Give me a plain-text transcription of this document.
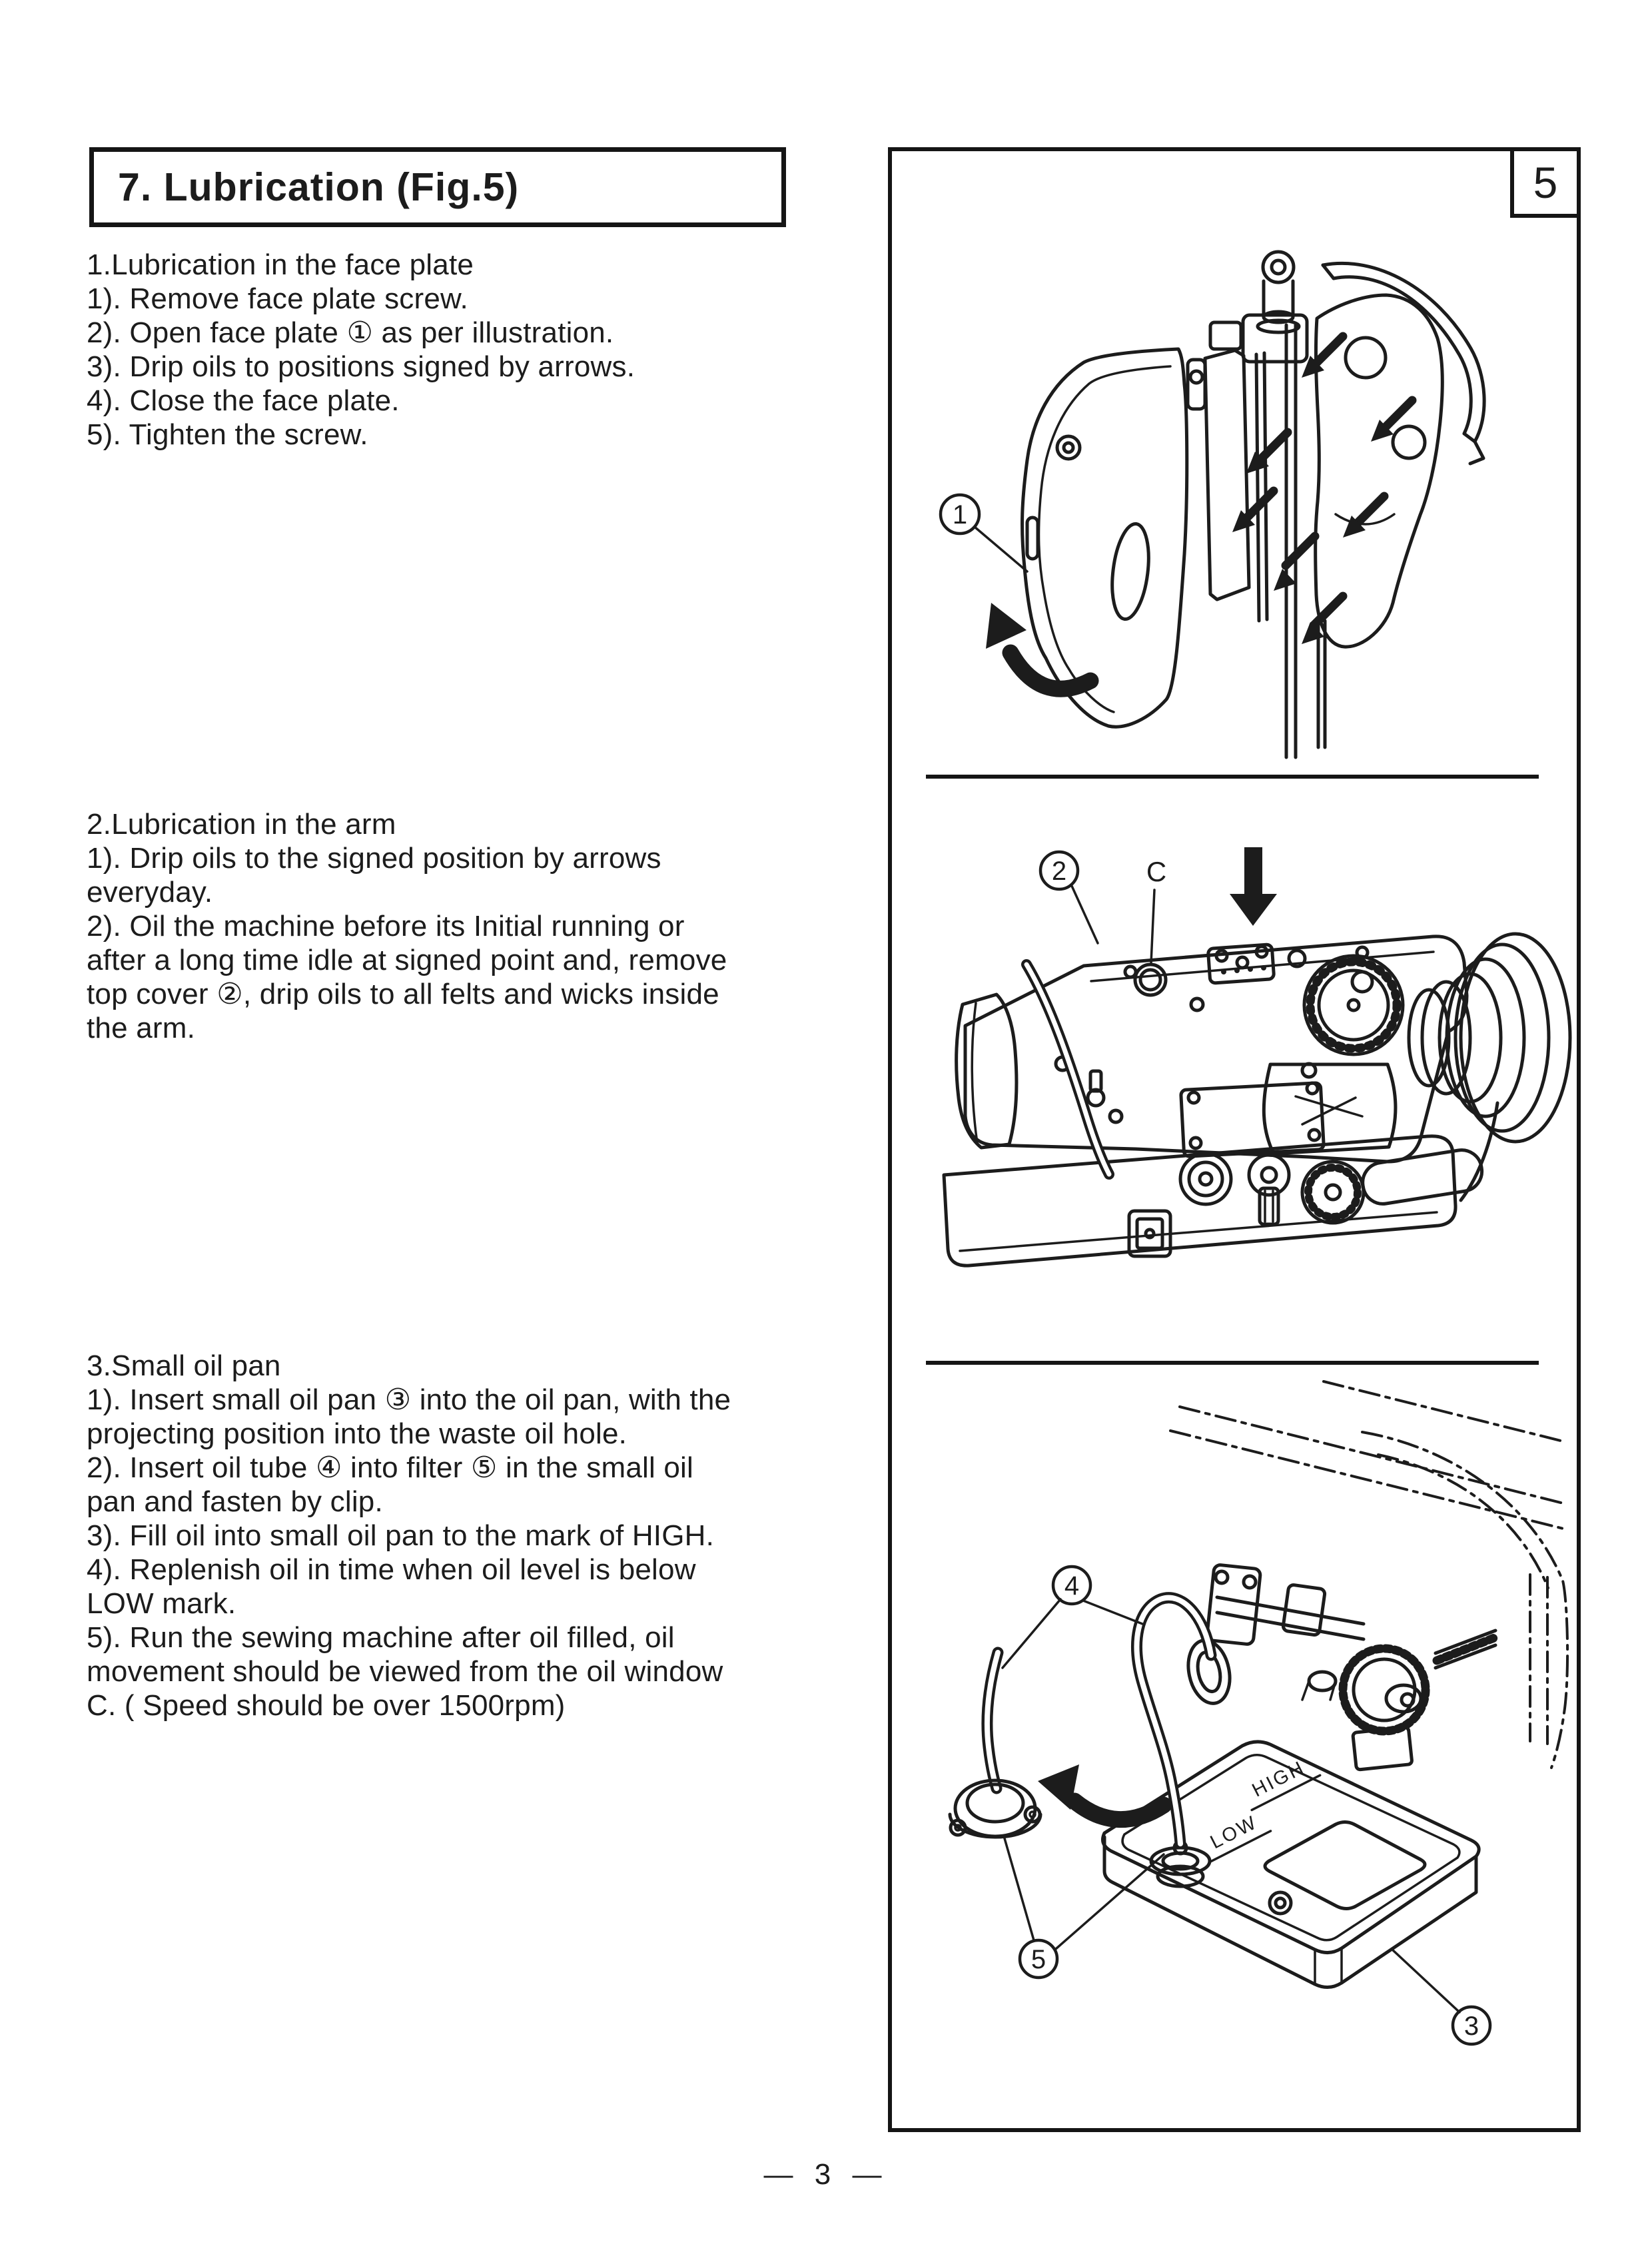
7. Lubrication (Fig.5)
1.Lubrication in the face plate
1). Remove face plate screw.
2). Open face plate ① as per illustration.
3). Drip oils to positions signed by arrows.
4). Close the face plate.
5). Tighten the screw.
2.Lubrication in the arm
1). Drip oils to the signed position by arrows
everyday.
2). Oil the machine before its Initial running or
after a long time idle at signed point and, remove
top cover ②, drip oils to all felts and wicks inside
the arm.
3.Small oil pan
1). Insert small oil pan ③ into the oil pan, with the
projecting position into the waste oil hole.
2). Insert oil tube ④ into filter ⑤ in the small oil
pan and fasten by clip.
3). Fill oil into small oil pan to the mark of HIGH.
4). Replenish oil in time when oil level is below
LOW mark.
5). Run the sewing machine after oil filled, oil
movement should be viewed from the oil window
C. ( Speed should be over 1500rpm)
1
2	C
HIGH
LOW
4
5
3
5
— 3 —
